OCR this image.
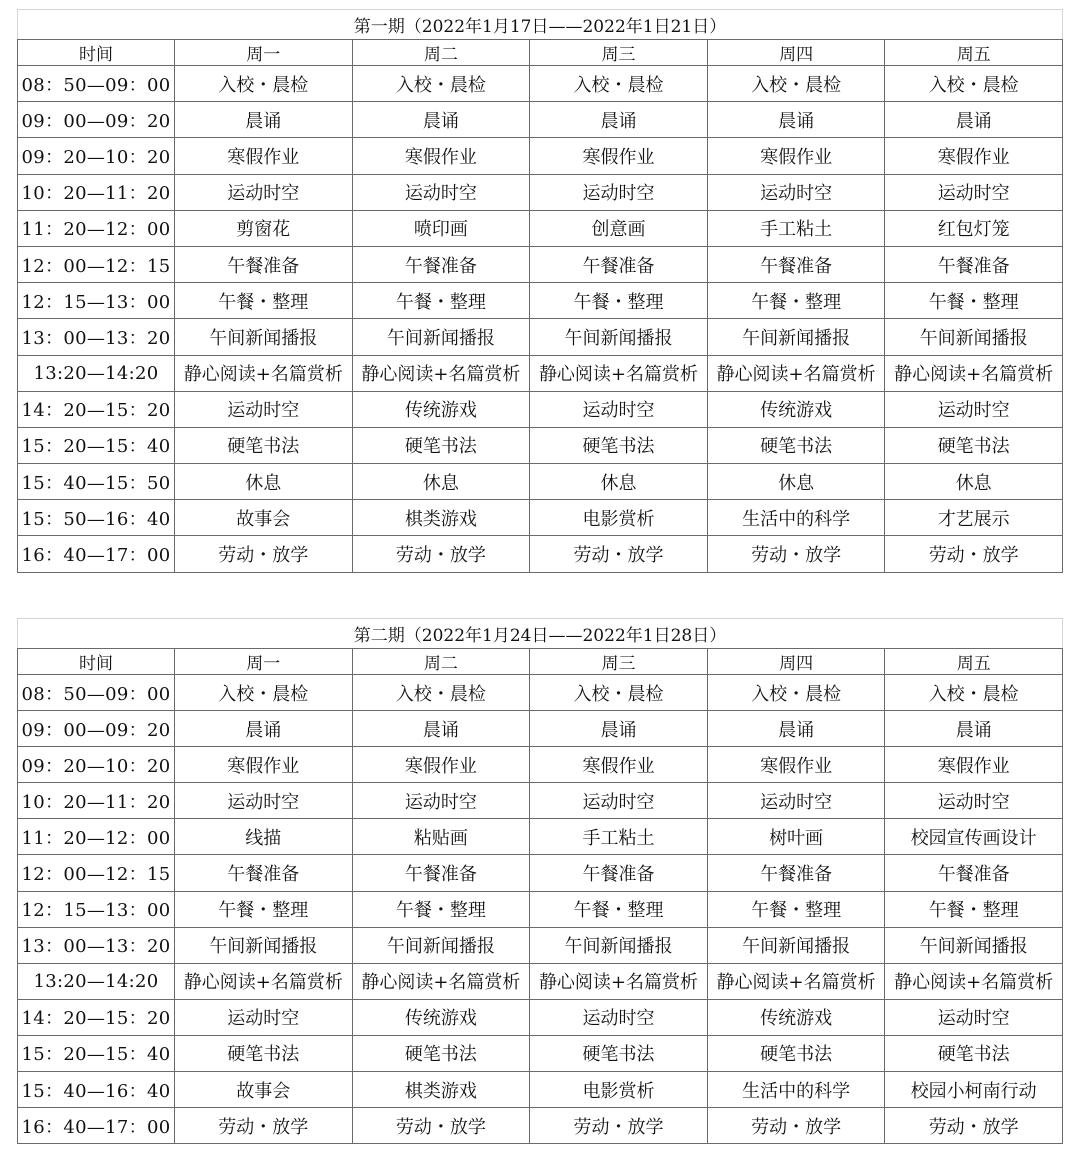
第一期（2022年1月17日——2022年1日21日）					
时间	周一	周二	周三	周四	周五
08：50—09：00	入校・晨检	入校・晨检	入校・晨检	入校・晨检	入校・晨检
09：00—09：20	晨诵	晨诵	晨诵	晨诵	晨诵
09：20—10：20	寒假作业	寒假作业	寒假作业	寒假作业	寒假作业
10：20—11：20	运动时空	运动时空	运动时空	运动时空	运动时空
11：20—12：00	剪窗花	喷印画	创意画	手工粘土	红包灯笼
12：00—12：15	午餐准备	午餐准备	午餐准备	午餐准备	午餐准备
12：15—13：00	午餐・整理	午餐・整理	午餐・整理	午餐・整理	午餐・整理
13：00—13：20	午间新闻播报	午间新闻播报	午间新闻播报	午间新闻播报	午间新闻播报
13:20—14:20	静心阅读+名篇赏析	静心阅读+名篇赏析	静心阅读+名篇赏析	静心阅读+名篇赏析	静心阅读+名篇赏析
14：20—15：20	运动时空	传统游戏	运动时空	传统游戏	运动时空
15：20—15：40	硬笔书法	硬笔书法	硬笔书法	硬笔书法	硬笔书法
15：40—15：50	休息	休息	休息	休息	休息
15：50—16：40	故事会	棋类游戏	电影赏析	生活中的科学	才艺展示
16：40—17：00	劳动・放学	劳动・放学	劳动・放学	劳动・放学	劳动・放学
第二期（2022年1月24日——2022年1日28日）					
时间	周一	周二	周三	周四	周五
08：50—09：00	入校・晨检	入校・晨检	入校・晨检	入校・晨检	入校・晨检
09：00—09：20	晨诵	晨诵	晨诵	晨诵	晨诵
09：20—10：20	寒假作业	寒假作业	寒假作业	寒假作业	寒假作业
10：20—11：20	运动时空	运动时空	运动时空	运动时空	运动时空
11：20—12：00	线描	粘贴画	手工粘土	树叶画	校园宣传画设计
12：00—12：15	午餐准备	午餐准备	午餐准备	午餐准备	午餐准备
12：15—13：00	午餐・整理	午餐・整理	午餐・整理	午餐・整理	午餐・整理
13：00—13：20	午间新闻播报	午间新闻播报	午间新闻播报	午间新闻播报	午间新闻播报
13:20—14:20	静心阅读+名篇赏析	静心阅读+名篇赏析	静心阅读+名篇赏析	静心阅读+名篇赏析	静心阅读+名篇赏析
14：20—15：20	运动时空	传统游戏	运动时空	传统游戏	运动时空
15：20—15：40	硬笔书法	硬笔书法	硬笔书法	硬笔书法	硬笔书法
15：40—16：40	故事会	棋类游戏	电影赏析	生活中的科学	校园小柯南行动
16：40—17：00	劳动・放学	劳动・放学	劳动・放学	劳动・放学	劳动・放学
